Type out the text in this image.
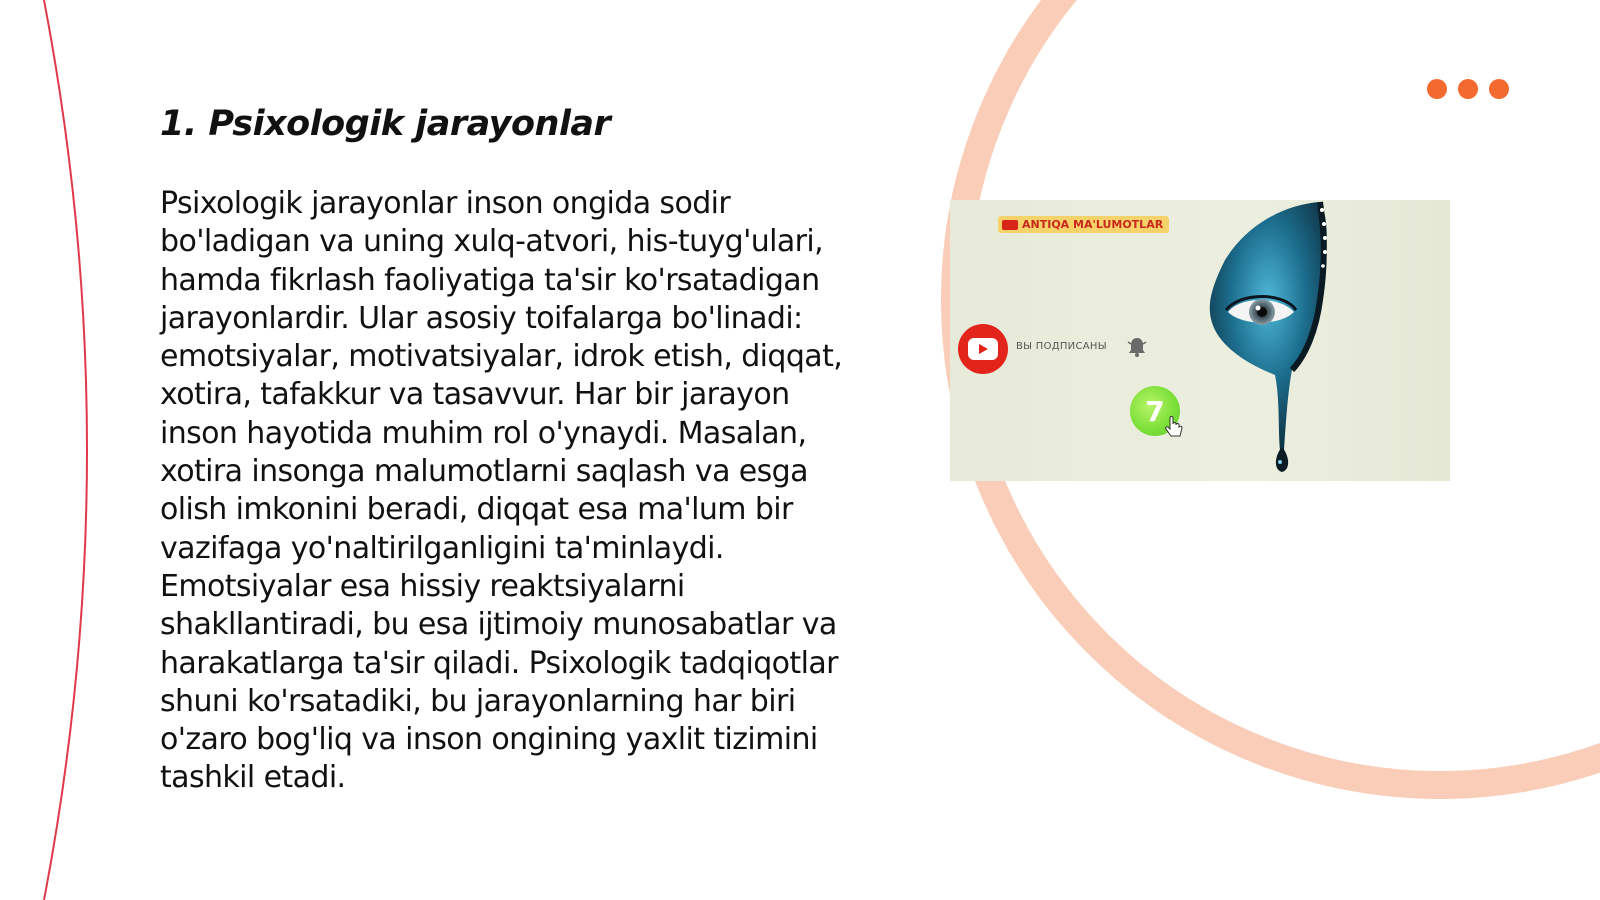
1. Psixologik jarayonlar

Psixologik jarayonlar inson ongida sodir bo'ladigan va uning xulq-atvori, his-tuyg'ulari, hamda fikrlash faoliyatiga ta'sir ko'rsatadigan jarayonlardir. Ular asosiy toifalarga bo'linadi: emotsiyalar, motivatsiyalar, idrok etish, diqqat, xotira, tafakkur va tasavvur. Har bir jarayon inson hayotida muhim rol o'ynaydi. Masalan, xotira insonga malumotlarni saqlash va esga olish imkonini beradi, diqqat esa ma'lum bir vazifaga yo'naltirilganligini ta'minlaydi. Emotsiyalar esa hissiy reaktsiyalarni shakllantiradi, bu esa ijtimoiy munosabatlar va harakatlarga ta'sir qiladi. Psixologik tadqiqotlar shuni ko'rsatadiki, bu jarayonlarning har biri o'zaro bog'liq va inson ongining yaxlit tizimini tashkil etadi.

ANTIQA MA'LUMOTLAR
ВЫ ПОДПИСАНЫ
7
